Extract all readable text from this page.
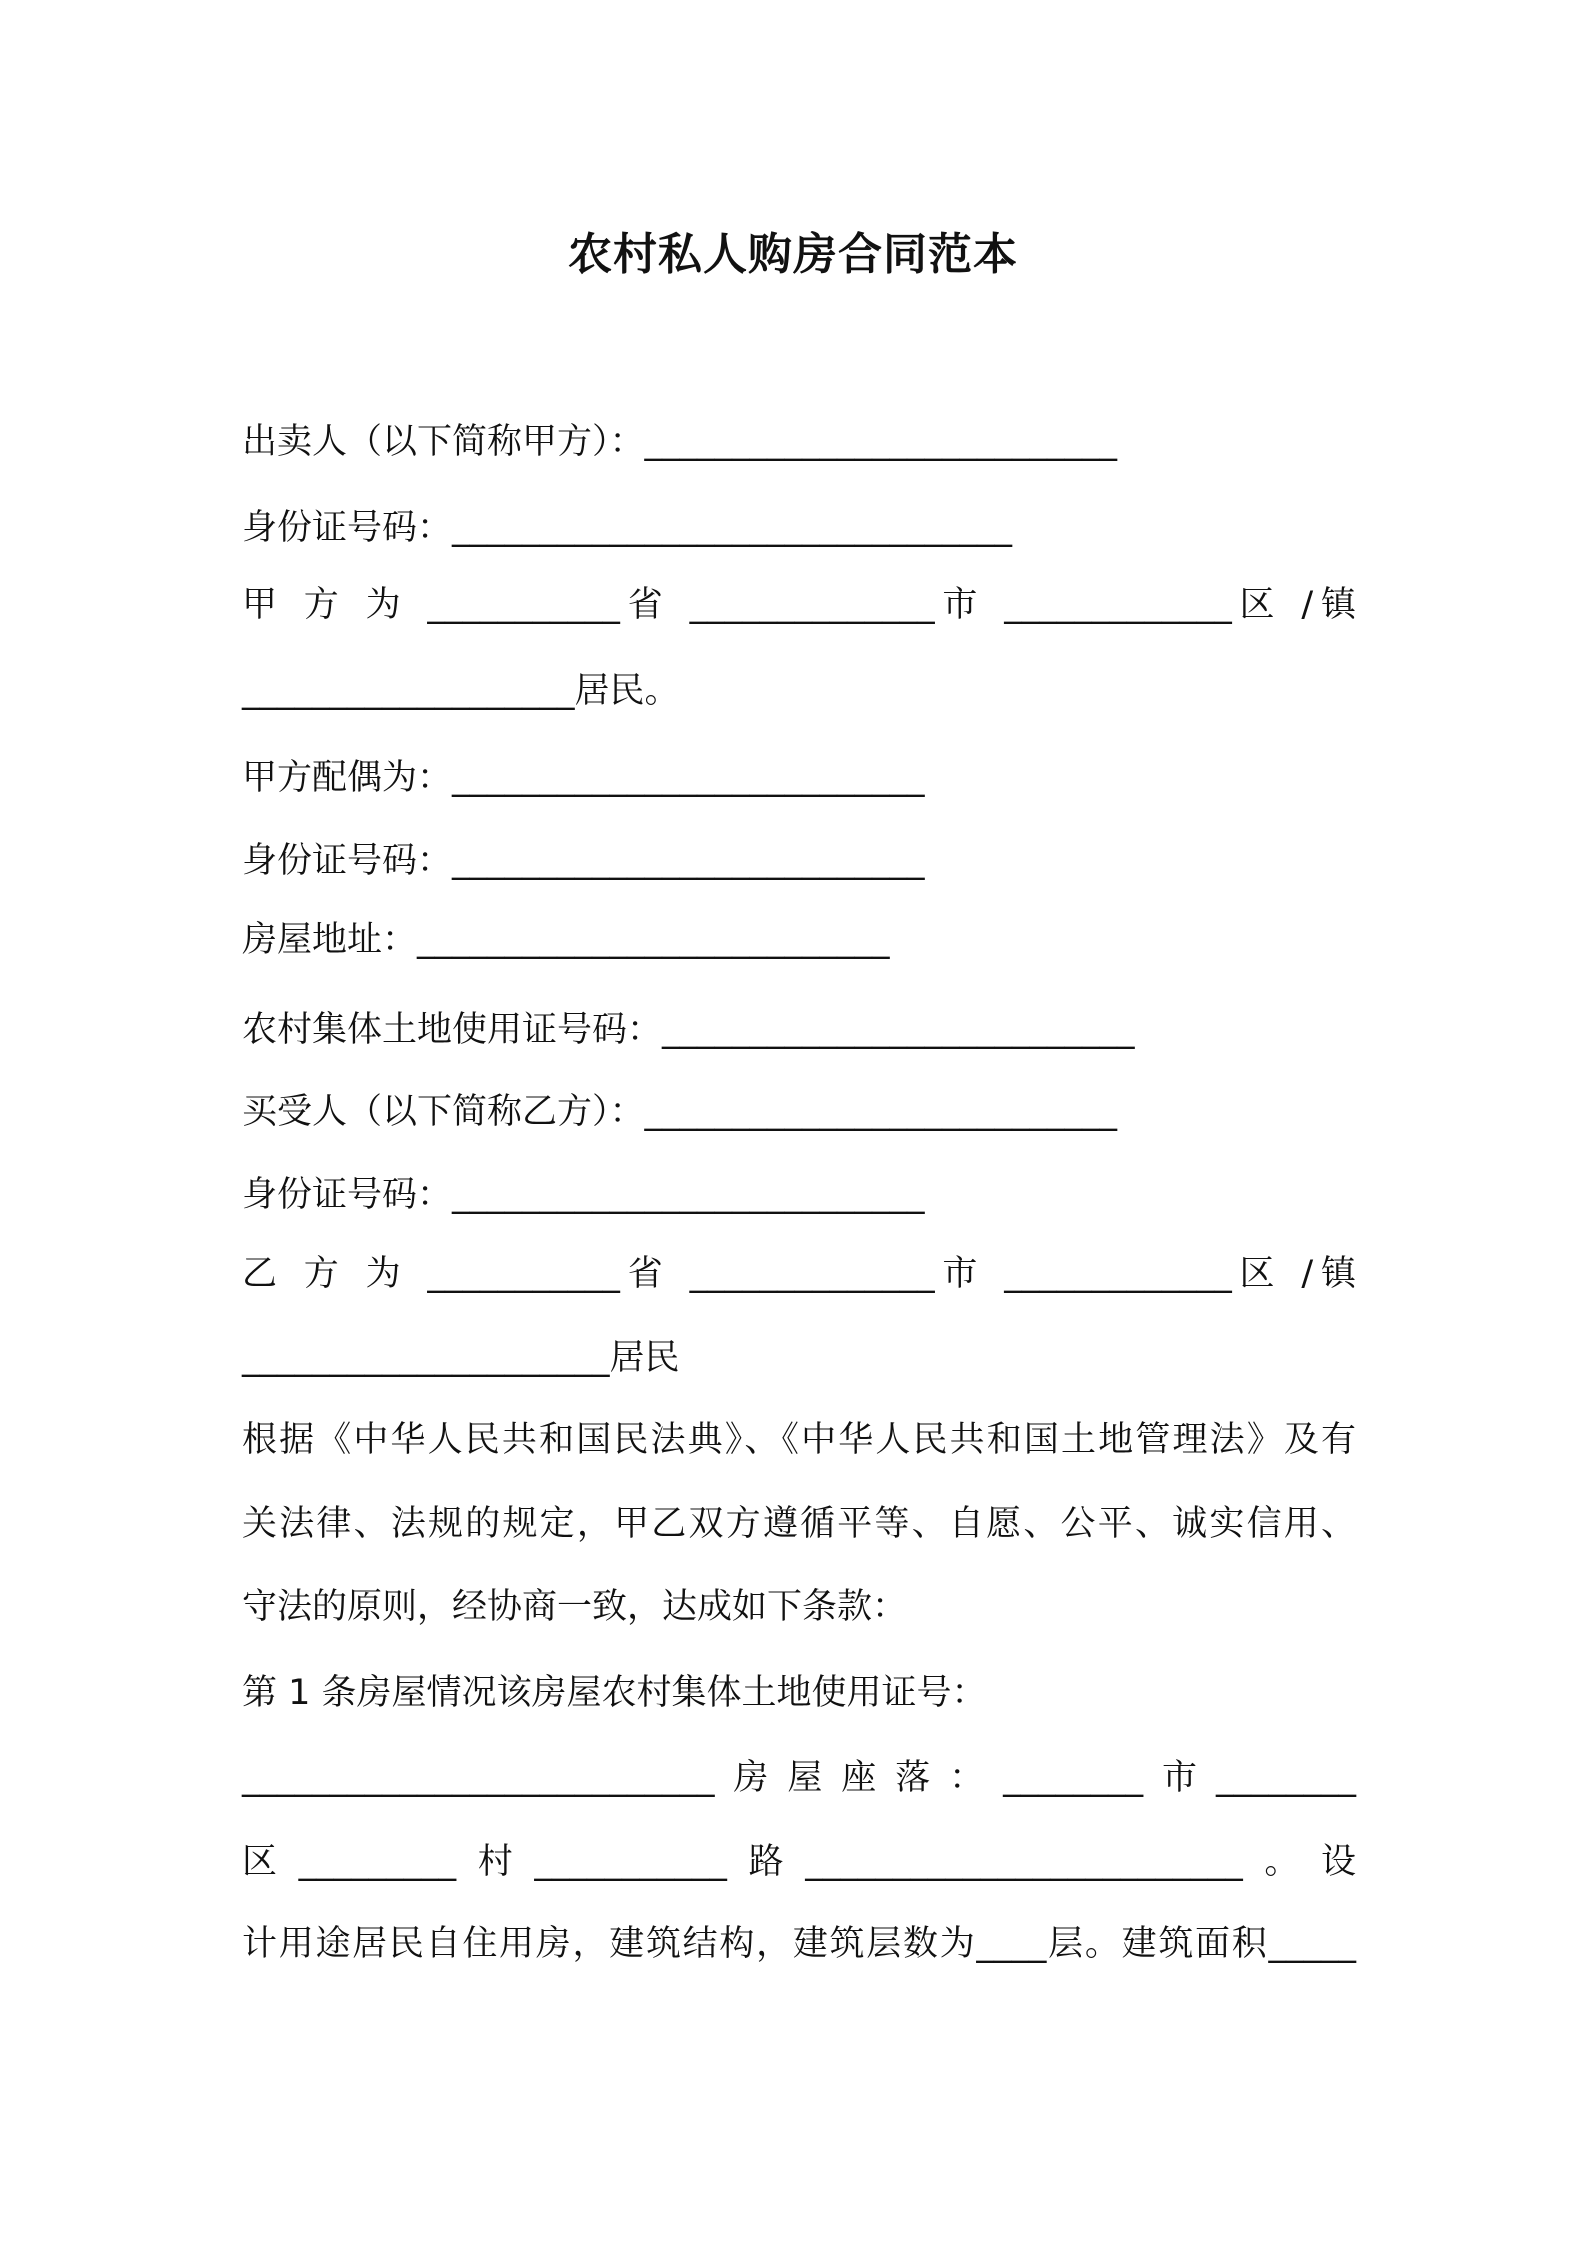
农村私人购房合同范本
出卖人（以下简称甲方）：___________________________
身份证号码：________________________________
甲 方 为 ___________省 ______________市 _____________区 /镇
___________________居民。
甲方配偶为：___________________________
身份证号码：___________________________
房屋地址：___________________________
农村集体土地使用证号码：___________________________
买受人（以下简称乙方）：___________________________
身份证号码：___________________________
乙 方 为 ___________省 ______________市 _____________区 /镇
_____________________居民
根据《中华人民共和国民法典》、《中华人民共和国土地管理法》及有
关法律、法规的规定，甲乙双方遵循平等、自愿、公平、诚实信用、
守法的原则，经协商一致，达成如下条款：
第 1 条房屋情况该房屋农村集体土地使用证号：
___________________________房屋座落：________市________
区_________村___________路_________________________。设
计用途居民自住用房，建筑结构，建筑层数为____层。建筑面积_____
